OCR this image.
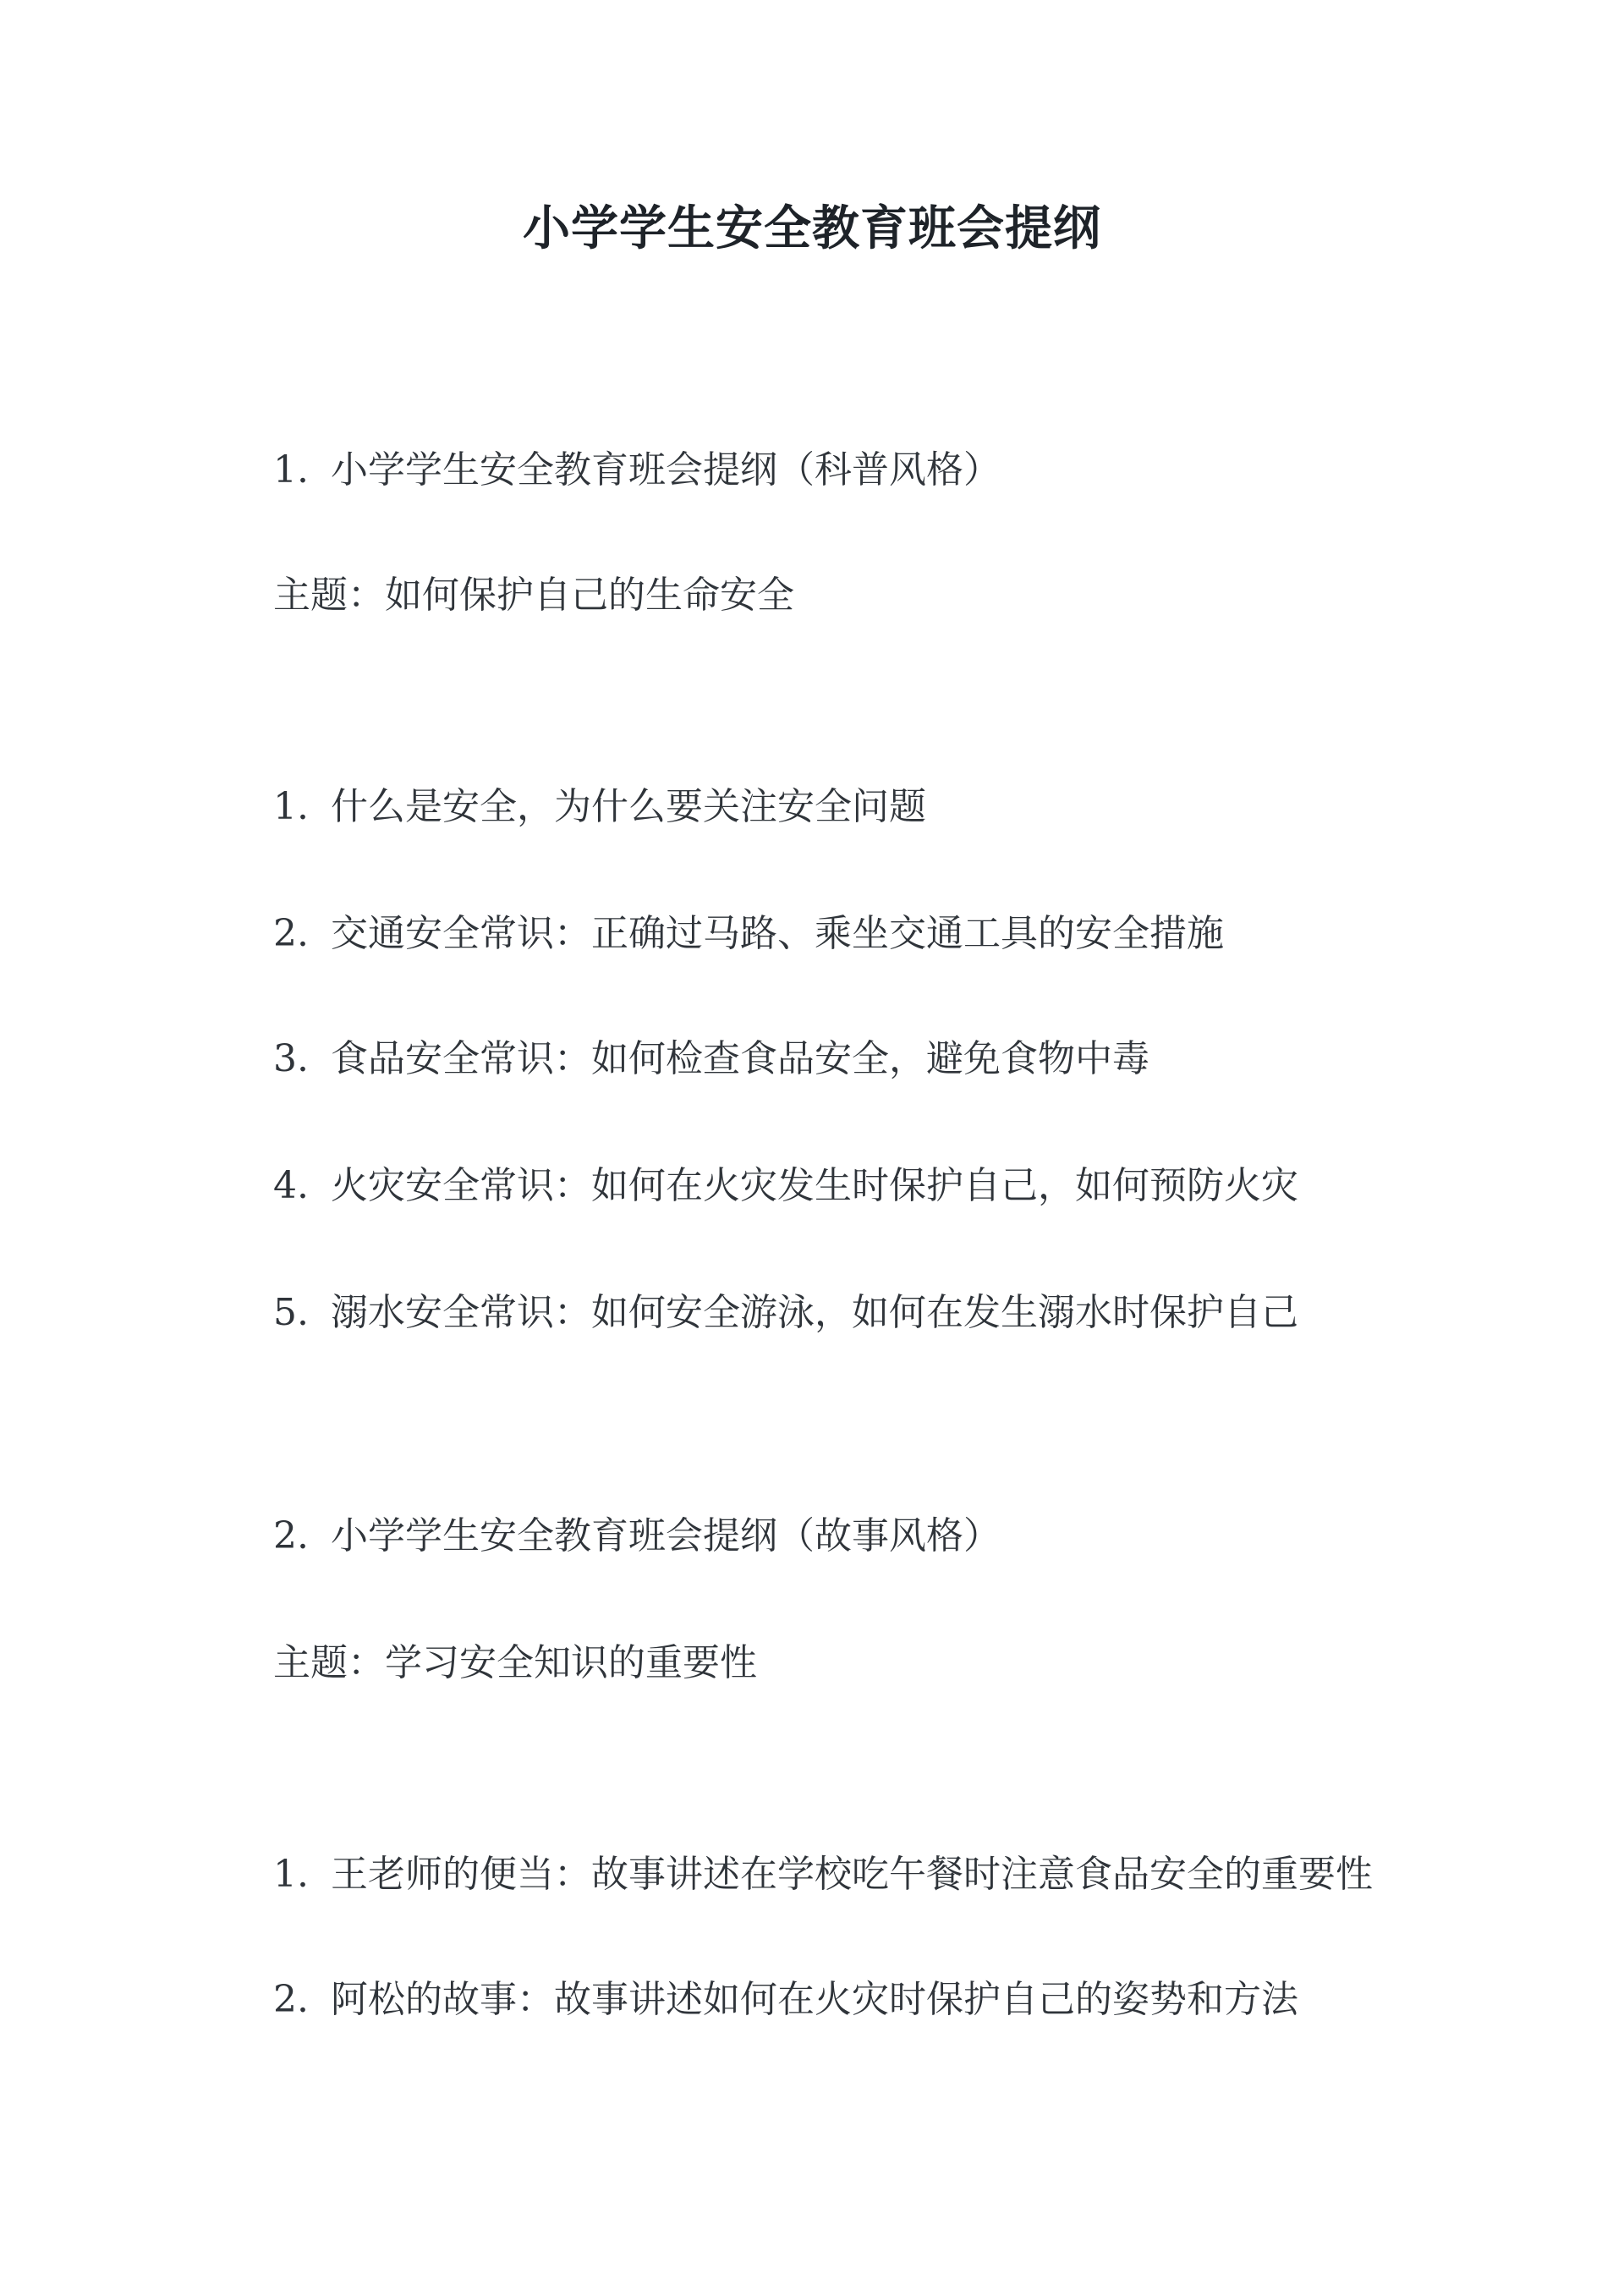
小学学生安全教育班会提纲
1. 小学学生安全教育班会提纲（科普风格）
主题：如何保护自己的生命安全
1. 什么是安全，为什么要关注安全问题
2. 交通安全常识：正确过马路、乘坐交通工具的安全措施
3. 食品安全常识：如何检查食品安全，避免食物中毒
4. 火灾安全常识：如何在火灾发生时保护自己，如何预防火灾
5. 溺水安全常识：如何安全游泳，如何在发生溺水时保护自己
2. 小学学生安全教育班会提纲（故事风格）
主题：学习安全知识的重要性
1. 王老师的便当：故事讲述在学校吃午餐时注意食品安全的重要性
2. 阿松的故事：故事讲述如何在火灾时保护自己的姿势和方法
